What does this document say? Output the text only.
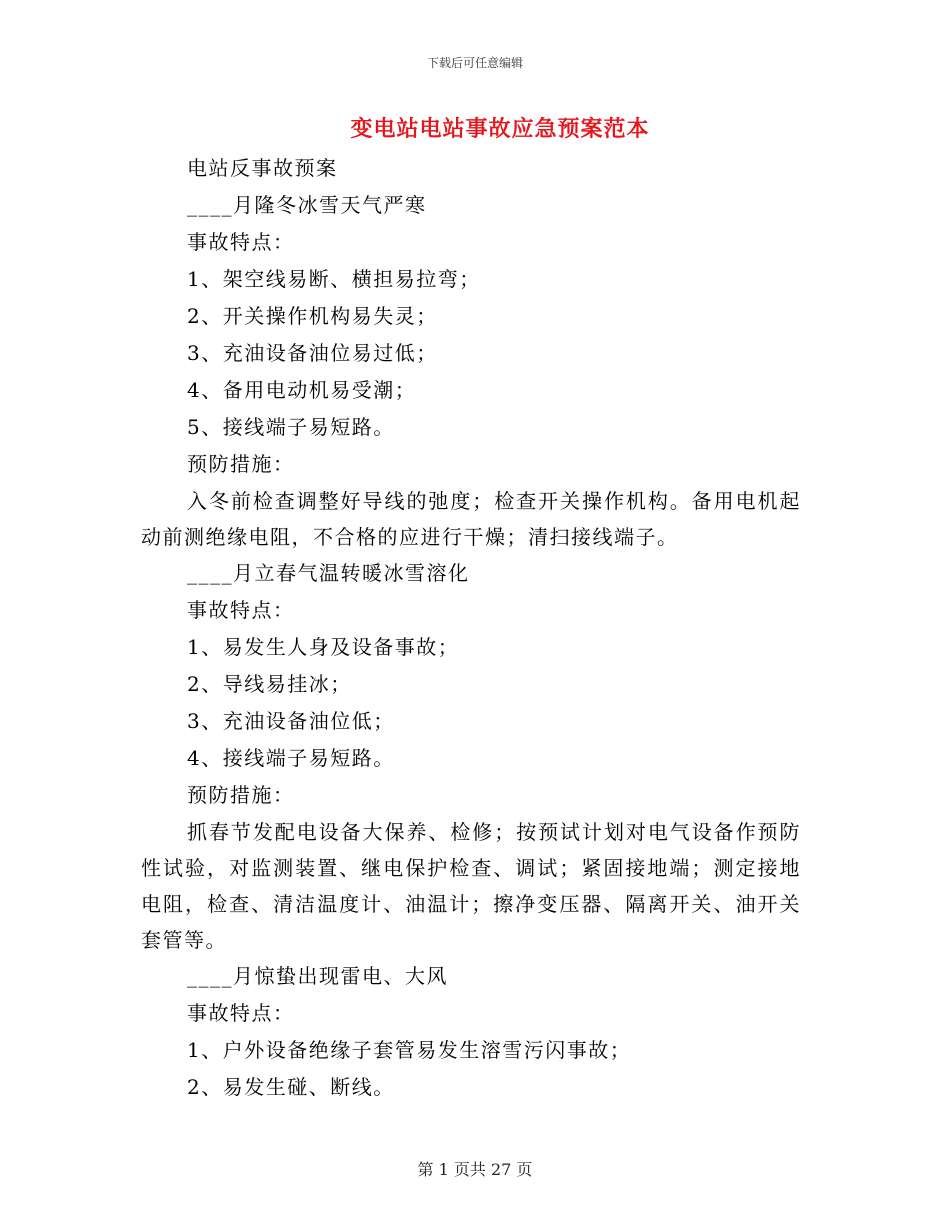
下载后可任意编辑
变电站电站事故应急预案范本
电站反事故预案
____月隆冬冰雪天气严寒
事故特点：
1、架空线易断、横担易拉弯；
2、开关操作机构易失灵；
3、充油设备油位易过低；
4、备用电动机易受潮；
5、接线端子易短路。
预防措施：
入冬前检查调整好导线的弛度；检查开关操作机构。备用电机起动前测绝缘电阻，不合格的应进行干燥；清扫接线端子。
____月立春气温转暖冰雪溶化
事故特点：
1、易发生人身及设备事故；
2、导线易挂冰；
3、充油设备油位低；
4、接线端子易短路。
预防措施：
抓春节发配电设备大保养、检修；按预试计划对电气设备作预防性试验，对监测装置、继电保护检查、调试；紧固接地端；测定接地电阻，检查、清洁温度计、油温计；擦净变压器、隔离开关、油开关套管等。
____月惊蛰出现雷电、大风
事故特点：
1、户外设备绝缘子套管易发生溶雪污闪事故；
2、易发生碰、断线。
第 1 页共 27 页
